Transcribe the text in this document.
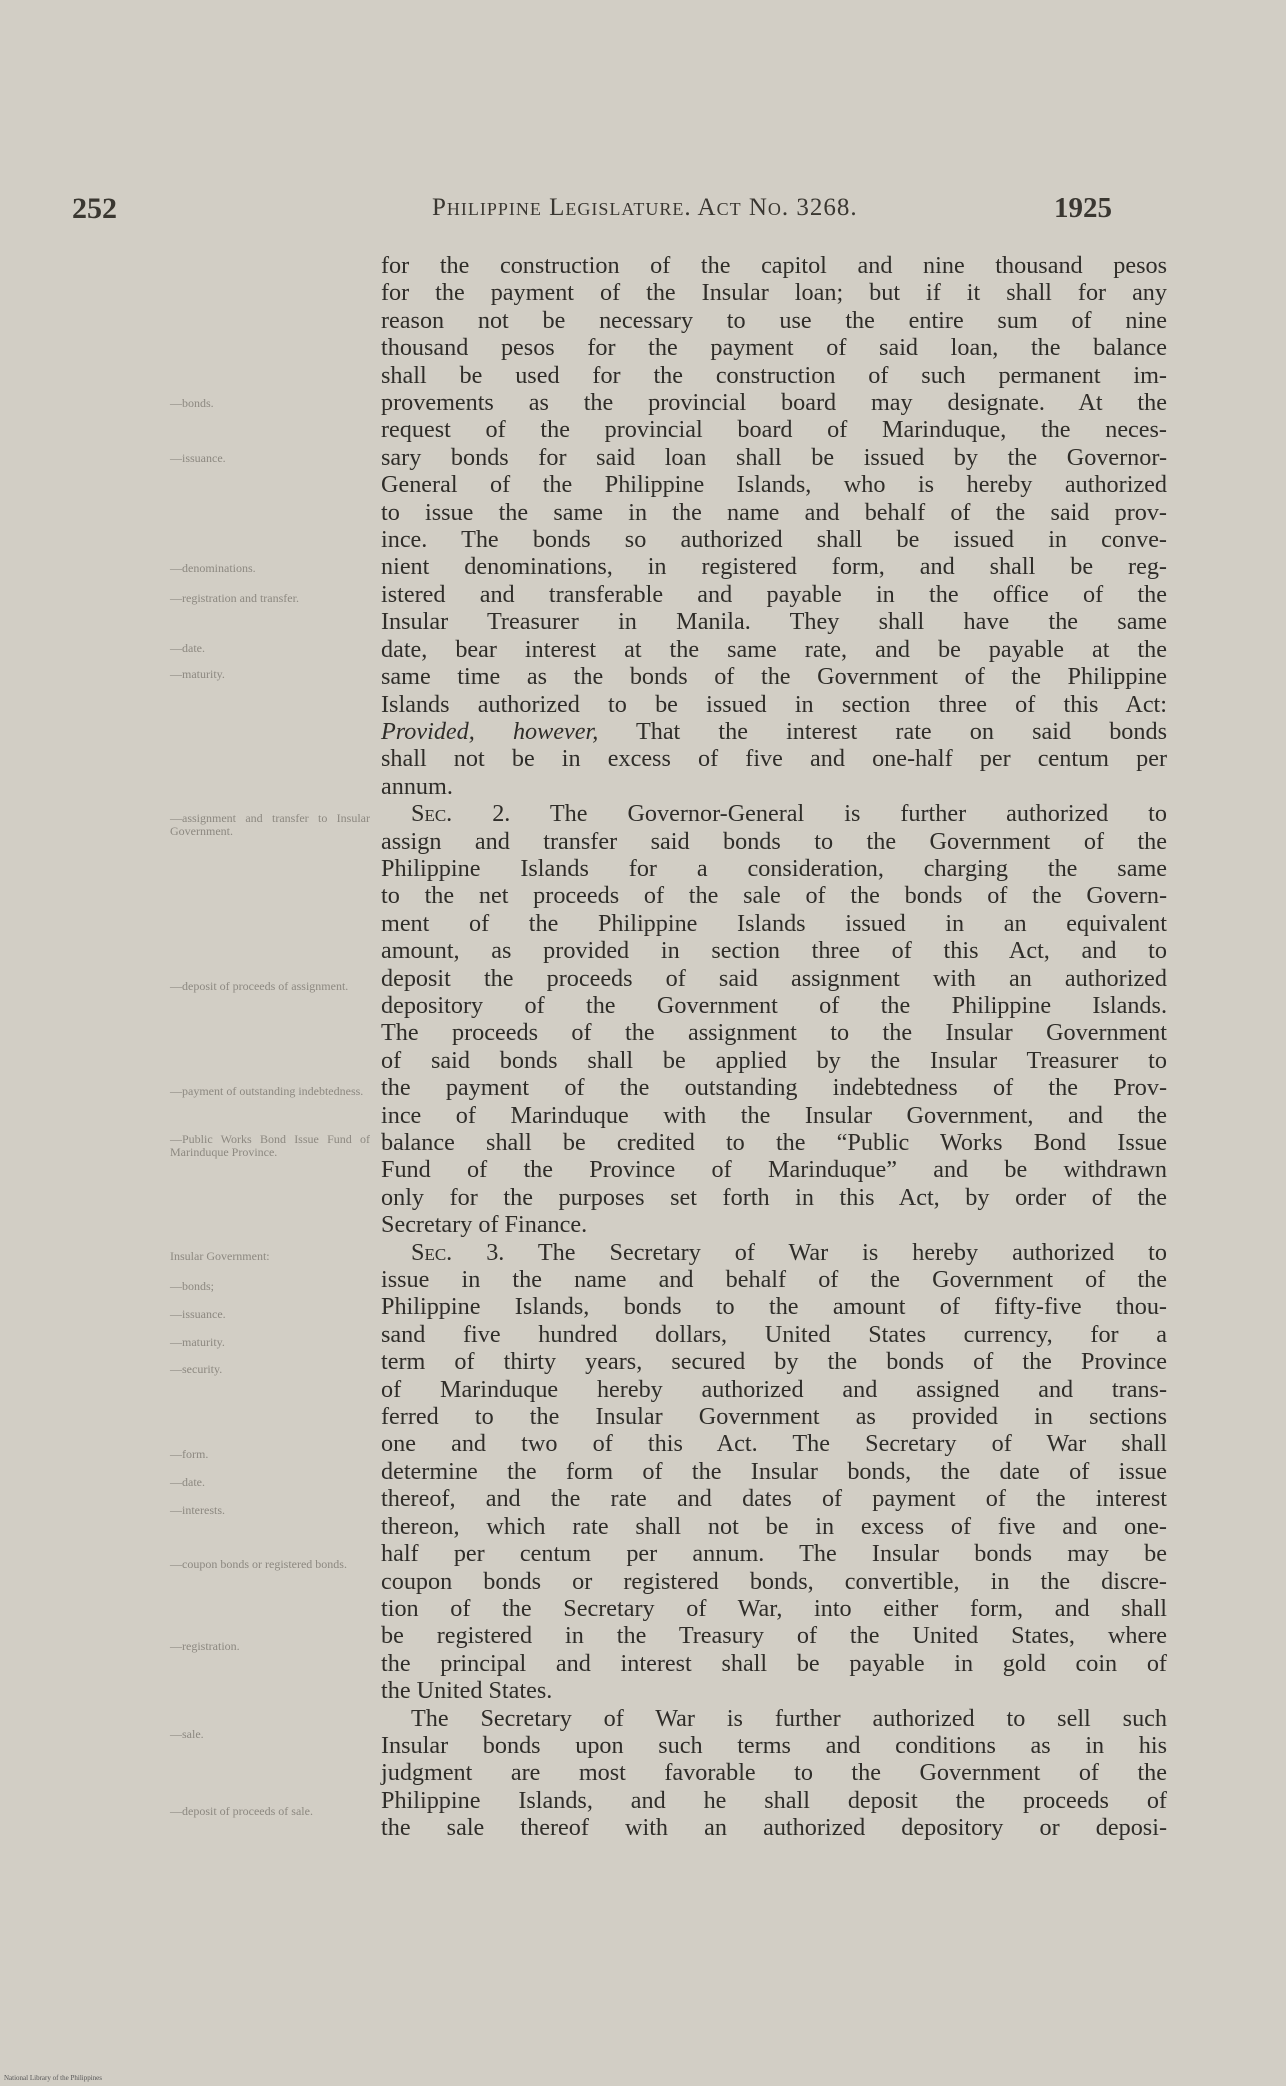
252	Philippine Legislature. Act No. 3268.	1925
—bonds.
—issuance.
—denominations.
—registration and transfer.
—date.
—maturity.
—assignment and transfer to Insular Government.
—deposit of proceeds of assignment.
—payment of outstanding indebtedness.
—Public Works Bond Issue Fund of Marinduque Province.
Insular Government:
—bonds;
—issuance.
—maturity.
—security.
—form.
—date.
—interests.
—coupon bonds or registered bonds.
—registration.
—sale.
—deposit of proceeds of sale.
for the construction of the capitol and nine thousand pesos
for the payment of the Insular loan; but if it shall for any
reason not be necessary to use the entire sum of nine
thousand pesos for the payment of said loan, the balance
shall be used for the construction of such permanent im-
provements as the provincial board may designate. At the
request of the provincial board of Marinduque, the neces-
sary bonds for said loan shall be issued by the Governor-
General of the Philippine Islands, who is hereby authorized
to issue the same in the name and behalf of the said prov-
ince. The bonds so authorized shall be issued in conve-
nient denominations, in registered form, and shall be reg-
istered and transferable and payable in the office of the
Insular Treasurer in Manila. They shall have the same
date, bear interest at the same rate, and be payable at the
same time as the bonds of the Government of the Philippine
Islands authorized to be issued in section three of this Act:
Provided, however, That the interest rate on said bonds
shall not be in excess of five and one-half per centum per
annum.
Sec. 2. The Governor-General is further authorized to
assign and transfer said bonds to the Government of the
Philippine Islands for a consideration, charging the same
to the net proceeds of the sale of the bonds of the Govern-
ment of the Philippine Islands issued in an equivalent
amount, as provided in section three of this Act, and to
deposit the proceeds of said assignment with an authorized
depository of the Government of the Philippine Islands.
The proceeds of the assignment to the Insular Government
of said bonds shall be applied by the Insular Treasurer to
the payment of the outstanding indebtedness of the Prov-
ince of Marinduque with the Insular Government, and the
balance shall be credited to the “Public Works Bond Issue
Fund of the Province of Marinduque” and be withdrawn
only for the purposes set forth in this Act, by order of the
Secretary of Finance.
Sec. 3. The Secretary of War is hereby authorized to
issue in the name and behalf of the Government of the
Philippine Islands, bonds to the amount of fifty-five thou-
sand five hundred dollars, United States currency, for a
term of thirty years, secured by the bonds of the Province
of Marinduque hereby authorized and assigned and trans-
ferred to the Insular Government as provided in sections
one and two of this Act. The Secretary of War shall
determine the form of the Insular bonds, the date of issue
thereof, and the rate and dates of payment of the interest
thereon, which rate shall not be in excess of five and one-
half per centum per annum. The Insular bonds may be
coupon bonds or registered bonds, convertible, in the discre-
tion of the Secretary of War, into either form, and shall
be registered in the Treasury of the United States, where
the principal and interest shall be payable in gold coin of
the United States.
The Secretary of War is further authorized to sell such
Insular bonds upon such terms and conditions as in his
judgment are most favorable to the Government of the
Philippine Islands, and he shall deposit the proceeds of
the sale thereof with an authorized depository or deposi-
National Library of the Philippines
